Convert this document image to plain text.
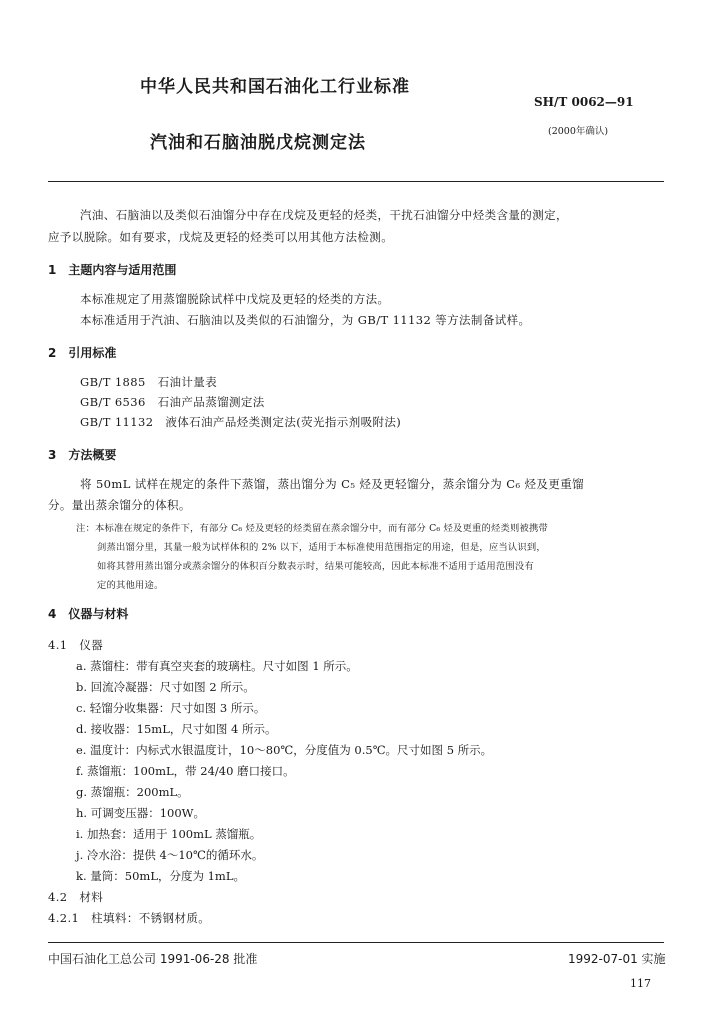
中华人民共和国石油化工行业标准
SH/T 0062—91
汽油和石脑油脱戊烷测定法
(2000年确认)
汽油、石脑油以及类似石油馏分中存在戊烷及更轻的烃类，干扰石油馏分中烃类含量的测定，
应予以脱除。如有要求，戊烷及更轻的烃类可以用其他方法检测。
1　主题内容与适用范围
本标准规定了用蒸馏脱除试样中戊烷及更轻的烃类的方法。
本标准适用于汽油、石脑油以及类似的石油馏分，为 GB/T 11132 等方法制备试样。
2　引用标准
GB/T 1885　石油计量表
GB/T 6536　石油产品蒸馏测定法
GB/T 11132　液体石油产品烃类测定法(荧光指示剂吸附法)
3　方法概要
将 50mL 试样在规定的条件下蒸馏，蒸出馏分为 C₅ 烃及更轻馏分，蒸余馏分为 C₆ 烃及更重馏
分。量出蒸余馏分的体积。
注：本标准在规定的条件下，有部分 C₆ 烃及更轻的烃类留在蒸余馏分中，而有部分 C₆ 烃及更重的烃类则被携带
剑蒸出馏分里，其量一般为试样体积的 2% 以下，适用于本标准使用范围指定的用途，但是，应当认识到，
如将其替用蒸出馏分或蒸余馏分的体积百分数表示时，结果可能较高，因此本标准不适用于适用范围没有
定的其他用途。
4　仪器与材料
4.1　仪器
a. 蒸馏柱：带有真空夹套的玻璃柱。尺寸如图 1 所示。
b. 回流冷凝器：尺寸如图 2 所示。
c. 轻馏分收集器：尺寸如图 3 所示。
d. 接收器：15mL，尺寸如图 4 所示。
e. 温度计：内标式水银温度计，10～80℃，分度值为 0.5℃。尺寸如图 5 所示。
f. 蒸馏瓶：100mL，带 24/40 磨口接口。
g. 蒸馏瓶：200mL。
h. 可调变压器：100W。
i. 加热套：适用于 100mL 蒸馏瓶。
j. 冷水浴：提供 4～10℃的循环水。
k. 量筒：50mL，分度为 1mL。
4.2　材料
4.2.1　柱填料：不锈钢材质。
中国石油化工总公司 1991-06-28 批准	1992-07-01 实施
117
